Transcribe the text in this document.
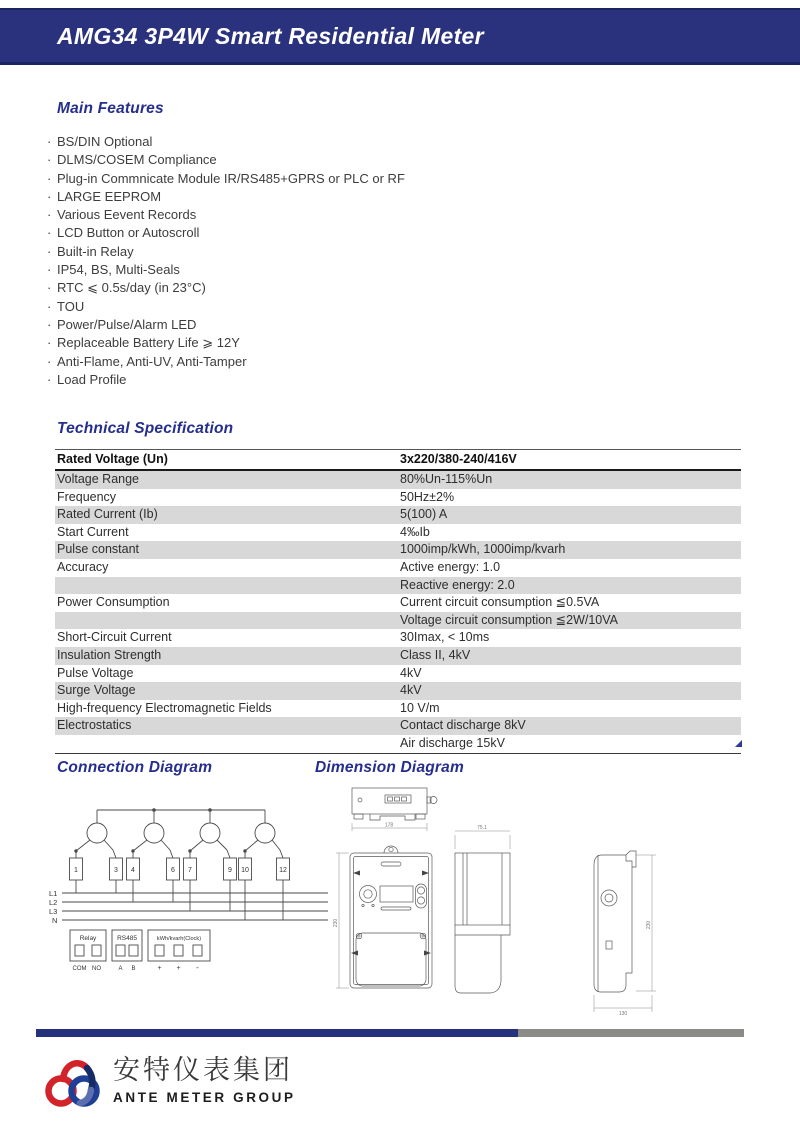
AMG34 3P4W Smart Residential Meter
Main Features
· BS/DIN Optional
· DLMS/COSEM Compliance
· Plug-in Commnicate Module IR/RS485+GPRS or PLC or RF
· LARGE EEPROM
· Various Eevent Records
· LCD Button or Autoscroll
· Built-in Relay
· IP54, BS, Multi-Seals
· RTC ⩽ 0.5s/day (in 23°C)
· TOU
· Power/Pulse/Alarm LED
· Replaceable Battery Life ⩾ 12Y
· Anti-Flame, Anti-UV, Anti-Tamper
· Load Profile
Technical Specification
Rated Voltage (Un)	3x220/380-240/416V
Voltage Range	80%Un-115%Un
Frequency	50Hz±2%
Rated Current (Ib)	5(100) A
Start Current	4‰Ib
Pulse constant	1000imp/kWh, 1000imp/kvarh
Accuracy	Active energy: 1.0
	Reactive energy: 2.0
Power Consumption	Current circuit consumption ≦0.5VA
	Voltage circuit consumption ≦2W/10VA
Short-Circuit Current	30Imax, < 10ms
Insulation Strength	Class II, 4kV
Pulse Voltage	4kV
Surge Voltage	4kV
High-frequency Electromagnetic Fields	10 V/m
Electrostatics	Contact discharge 8kV
	Air discharge 15kV
Connection Diagram	Dimension Diagram
1	3 4	6 7	9 10	12
L1
L2
L3
N
Relay	RS485	kWh/kvarh(Clock)
COM NO	A B	+ + -
178	75.1
230	230
130
安特仪表集团
ANTE METER GROUP
